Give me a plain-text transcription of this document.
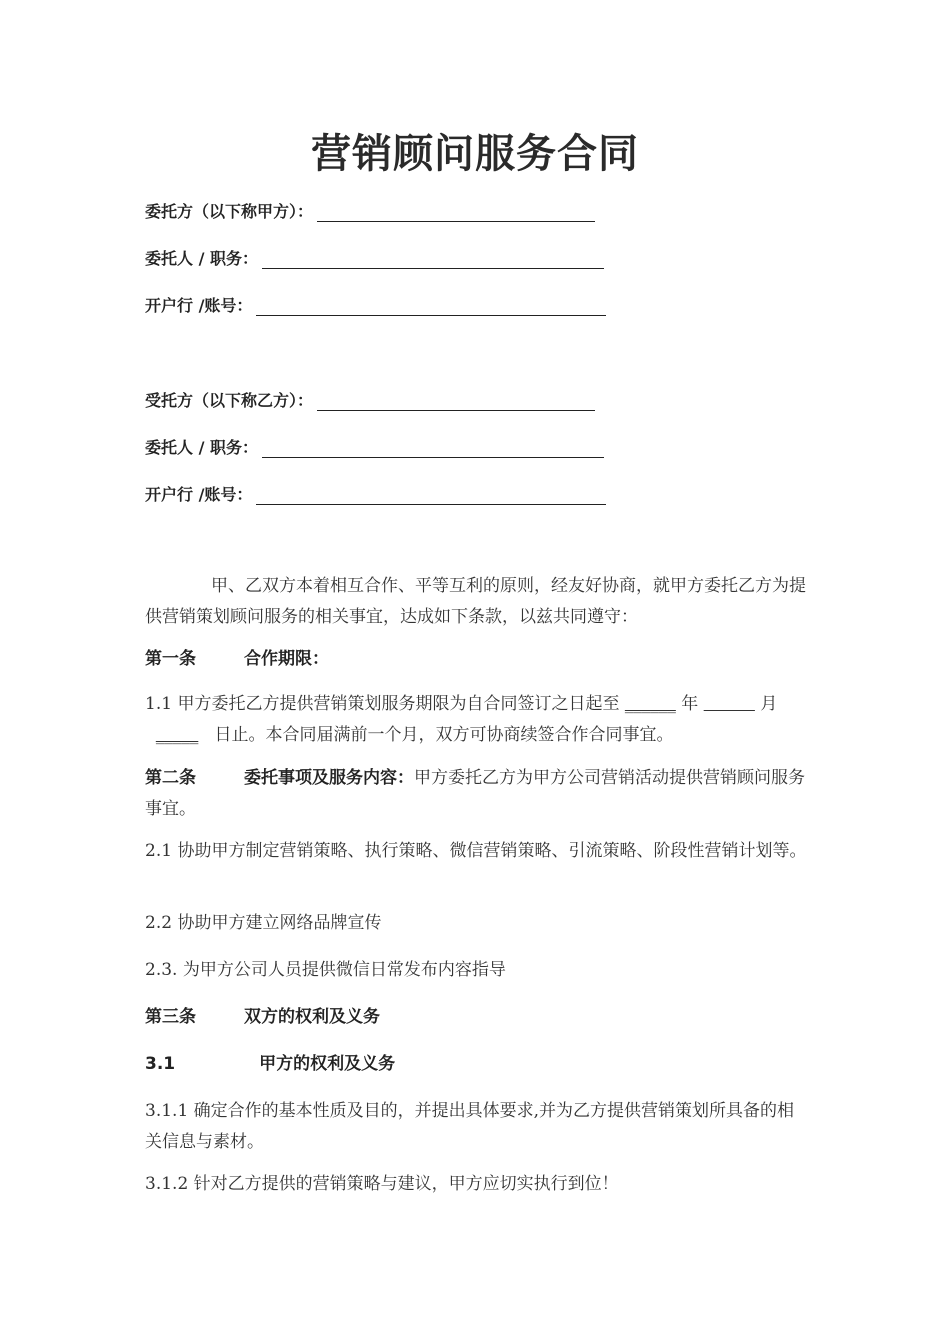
营销顾问服务合同
委托方（以下称甲方）：
委托人 / 职务：
开户行 /账号：
受托方（以下称乙方）：
委托人 / 职务：
开户行 /账号：
甲、乙双方本着相互合作、平等互利的原则，经友好协商，就甲方委托乙方为提供营销策划顾问服务的相关事宜，达成如下条款，以兹共同遵守：
第一条	合作期限：
1.1 甲方委托乙方提供营销策划服务期限为自合同签订之日起至 ______ 年	月   _____ 日止。本合同届满前一个月，双方可协商续签合作合同事宜。
第二条	委托事项及服务内容：甲方委托乙方为甲方公司营销活动提供营销顾问服务事宜。
2.1 协助甲方制定营销策略、执行策略、微信营销策略、引流策略、阶段性营销计划等。
2.2 协助甲方建立网络品牌宣传
2.3. 为甲方公司人员提供微信日常发布内容指导
第三条	双方的权利及义务
3.1	甲方的权利及义务
3.1.1 确定合作的基本性质及目的，并提出具体要求,并为乙方提供营销策划所具备的相关信息与素材。
3.1.2 针对乙方提供的营销策略与建议，甲方应切实执行到位！
